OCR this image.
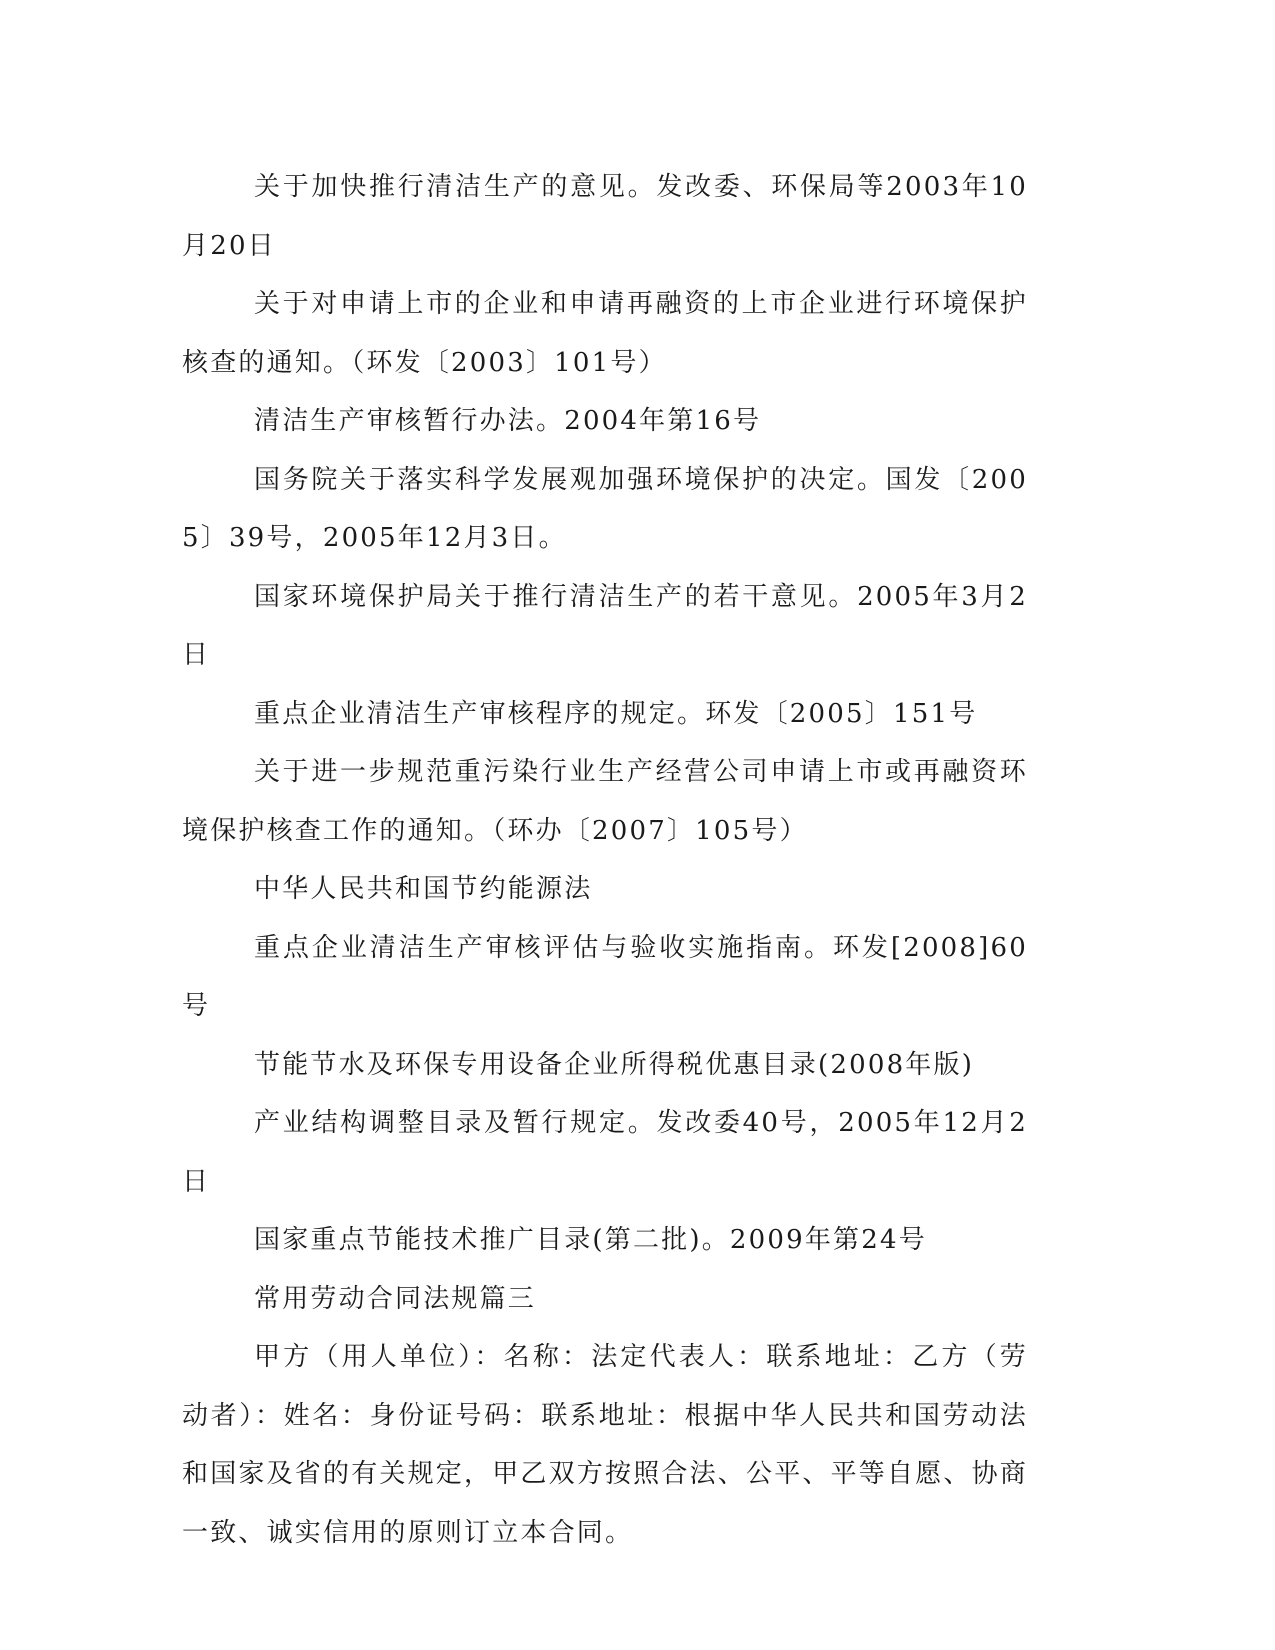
关于加快推行清洁生产的意见。发改委、环保局等2003年10月20日

关于对申请上市的企业和申请再融资的上市企业进行环境保护核查的通知。（环发〔2003〕101号）

清洁生产审核暂行办法。2004年第16号

国务院关于落实科学发展观加强环境保护的决定。国发〔2005〕39号，2005年12月3日。

国家环境保护局关于推行清洁生产的若干意见。2005年3月2日

重点企业清洁生产审核程序的规定。环发〔2005〕151号

关于进一步规范重污染行业生产经营公司申请上市或再融资环境保护核查工作的通知。（环办〔2007〕105号）

中华人民共和国节约能源法

重点企业清洁生产审核评估与验收实施指南。环发[2008]60号

节能节水及环保专用设备企业所得税优惠目录(2008年版)

产业结构调整目录及暂行规定。发改委40号，2005年12月2日

国家重点节能技术推广目录(第二批)。2009年第24号

常用劳动合同法规篇三

甲方（用人单位）：名称：法定代表人：联系地址：乙方（劳动者）：姓名：身份证号码：联系地址：根据中华人民共和国劳动法和国家及省的有关规定，甲乙双方按照合法、公平、平等自愿、协商一致、诚实信用的原则订立本合同。
